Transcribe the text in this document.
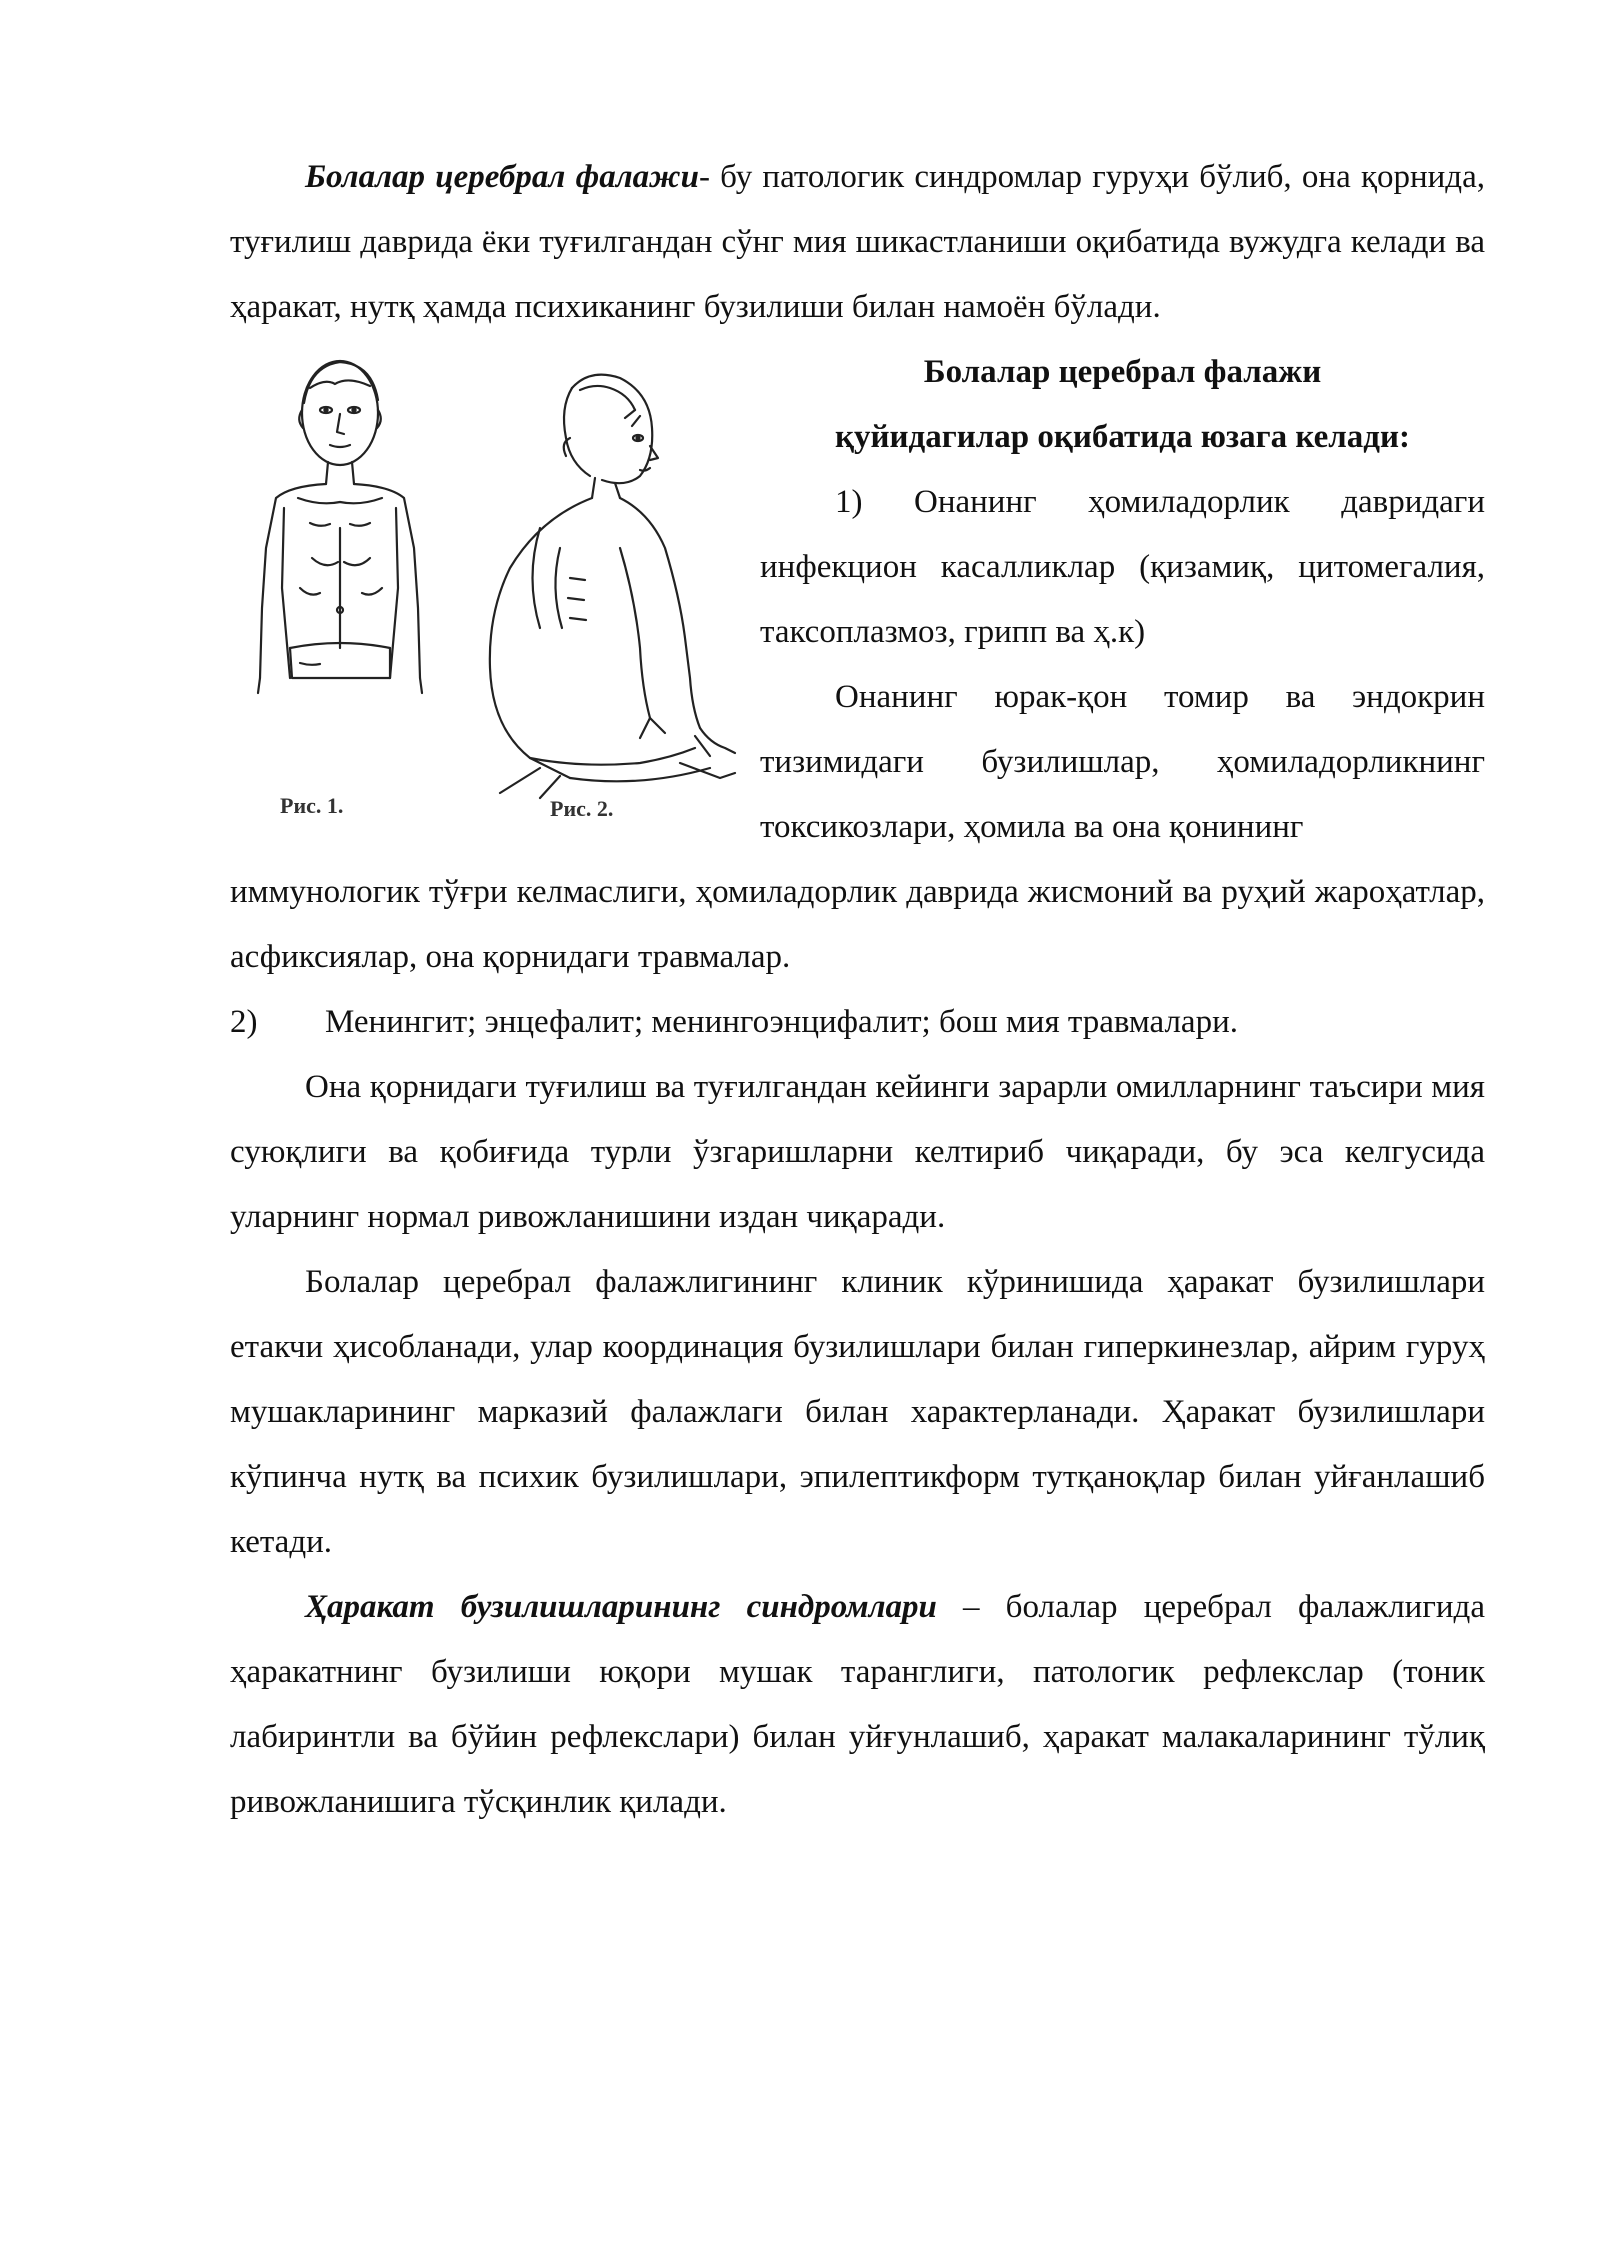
Болалар церебрал фалажи- бу патологик синдромлар гуруҳи бўлиб, она қорнида, туғилиш даврида ёки туғилгандан сўнг мия шикастланиши оқибатида вужудга келади ва ҳаракат, нутқ ҳамда психиканинг бузилиши билан намоён бўлади.

Рис. 1.	Рис. 2.

Болалар церебрал фалажи

қуйидагилар оқибатида юзага келади:

1) Онанинг ҳомиладорлик давридаги инфекцион касалликлар (қизамиқ, цитомегалия, таксоплазмоз, грипп ва ҳ.к)

Онанинг юрак-қон томир ва эндокрин тизимидаги бузилишлар, ҳомиладорликнинг токсикозлари, ҳомила ва она қонининг

иммунологик тўғри келмаслиги, ҳомиладорлик даврида жисмоний ва руҳий жароҳатлар, асфиксиялар, она қорнидаги травмалар.

2) Менингит; энцефалит; менингоэнцифалит; бош мия травмалари.

Она қорнидаги туғилиш ва туғилгандан кейинги зарарли омилларнинг таъсири мия суюқлиги ва қобиғида турли ўзгаришларни келтириб чиқаради, бу эса келгусида уларнинг нормал ривожланишини издан чиқаради.

Болалар церебрал фалажлигининг клиник кўринишида ҳаракат бузилишлари етакчи ҳисобланади, улар координация бузилишлари билан гиперкинезлар, айрим гуруҳ мушакларининг марказий фалажлаги билан характерланади. Ҳаракат бузилишлари кўпинча нутқ ва психик бузилишлари, эпилептикформ тутқаноқлар билан уйғанлашиб кетади.

Ҳаракат бузилишларининг синдромлари – болалар церебрал фалажлигида ҳаракатнинг бузилиши юқори мушак таранглиги, патологик рефлекслар (тоник лабиринтли ва бўйин рефлекслари) билан уйғунлашиб, ҳаракат малакаларининг тўлиқ ривожланишига тўсқинлик қилади.
